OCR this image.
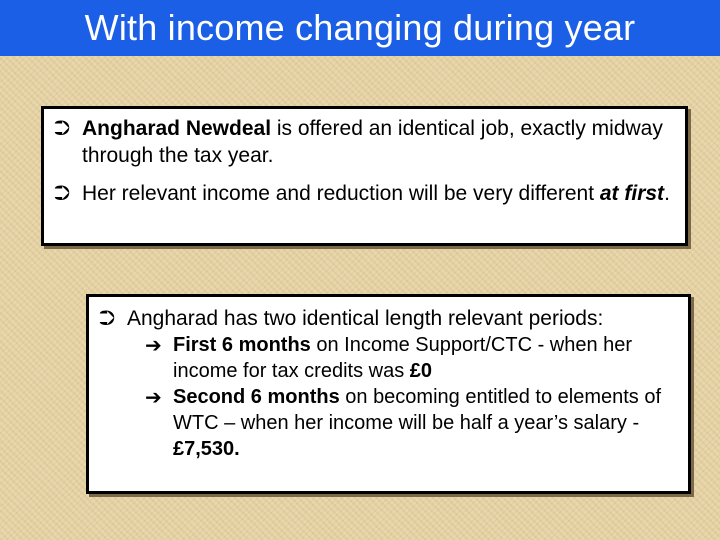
With income changing during year
⮊ Angharad Newdeal is offered an identical job, exactly midway through the tax year.
⮊ Her relevant income and reduction will be very different at first.
⮊ Angharad has two identical length relevant periods:
➔ First 6 months on Income Support/CTC - when her income for tax credits was £0
➔ Second 6 months on becoming entitled to elements of WTC – when her income will be half a year’s salary - £7,530.
